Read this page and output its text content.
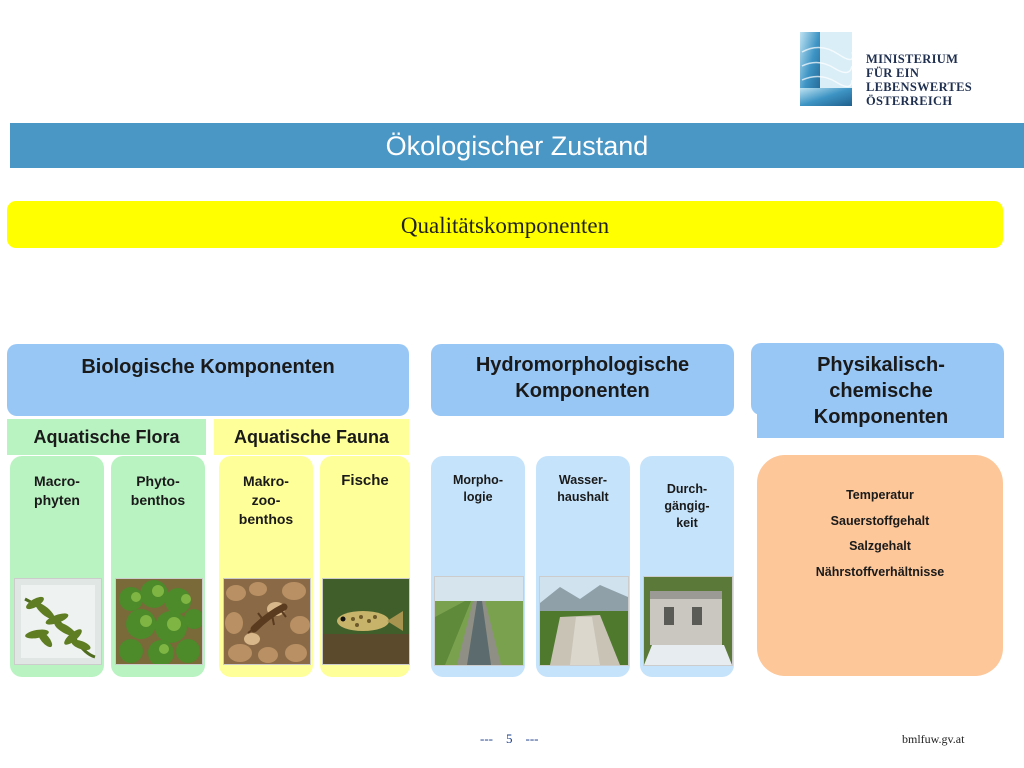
MINISTERIUM
FÜR EIN
LEBENSWERTES
ÖSTERREICH
Ökologischer Zustand
Qualitätskomponenten
Biologische Komponenten	Hydromorphologische
Komponenten
Physikalisch-
chemische
Komponenten
Aquatische Flora	Aquatische Fauna
Macro-
phyten
Phyto-
benthos
Makro-
zoo-
benthos
Fische	Morpho-
logie
Wasser-
haushalt
Durch-
gängig-
keit
Temperatur
Sauerstoffgehalt
Salzgehalt
Nährstoffverhältnisse
--- 5 ---	bmlfuw.gv.at
